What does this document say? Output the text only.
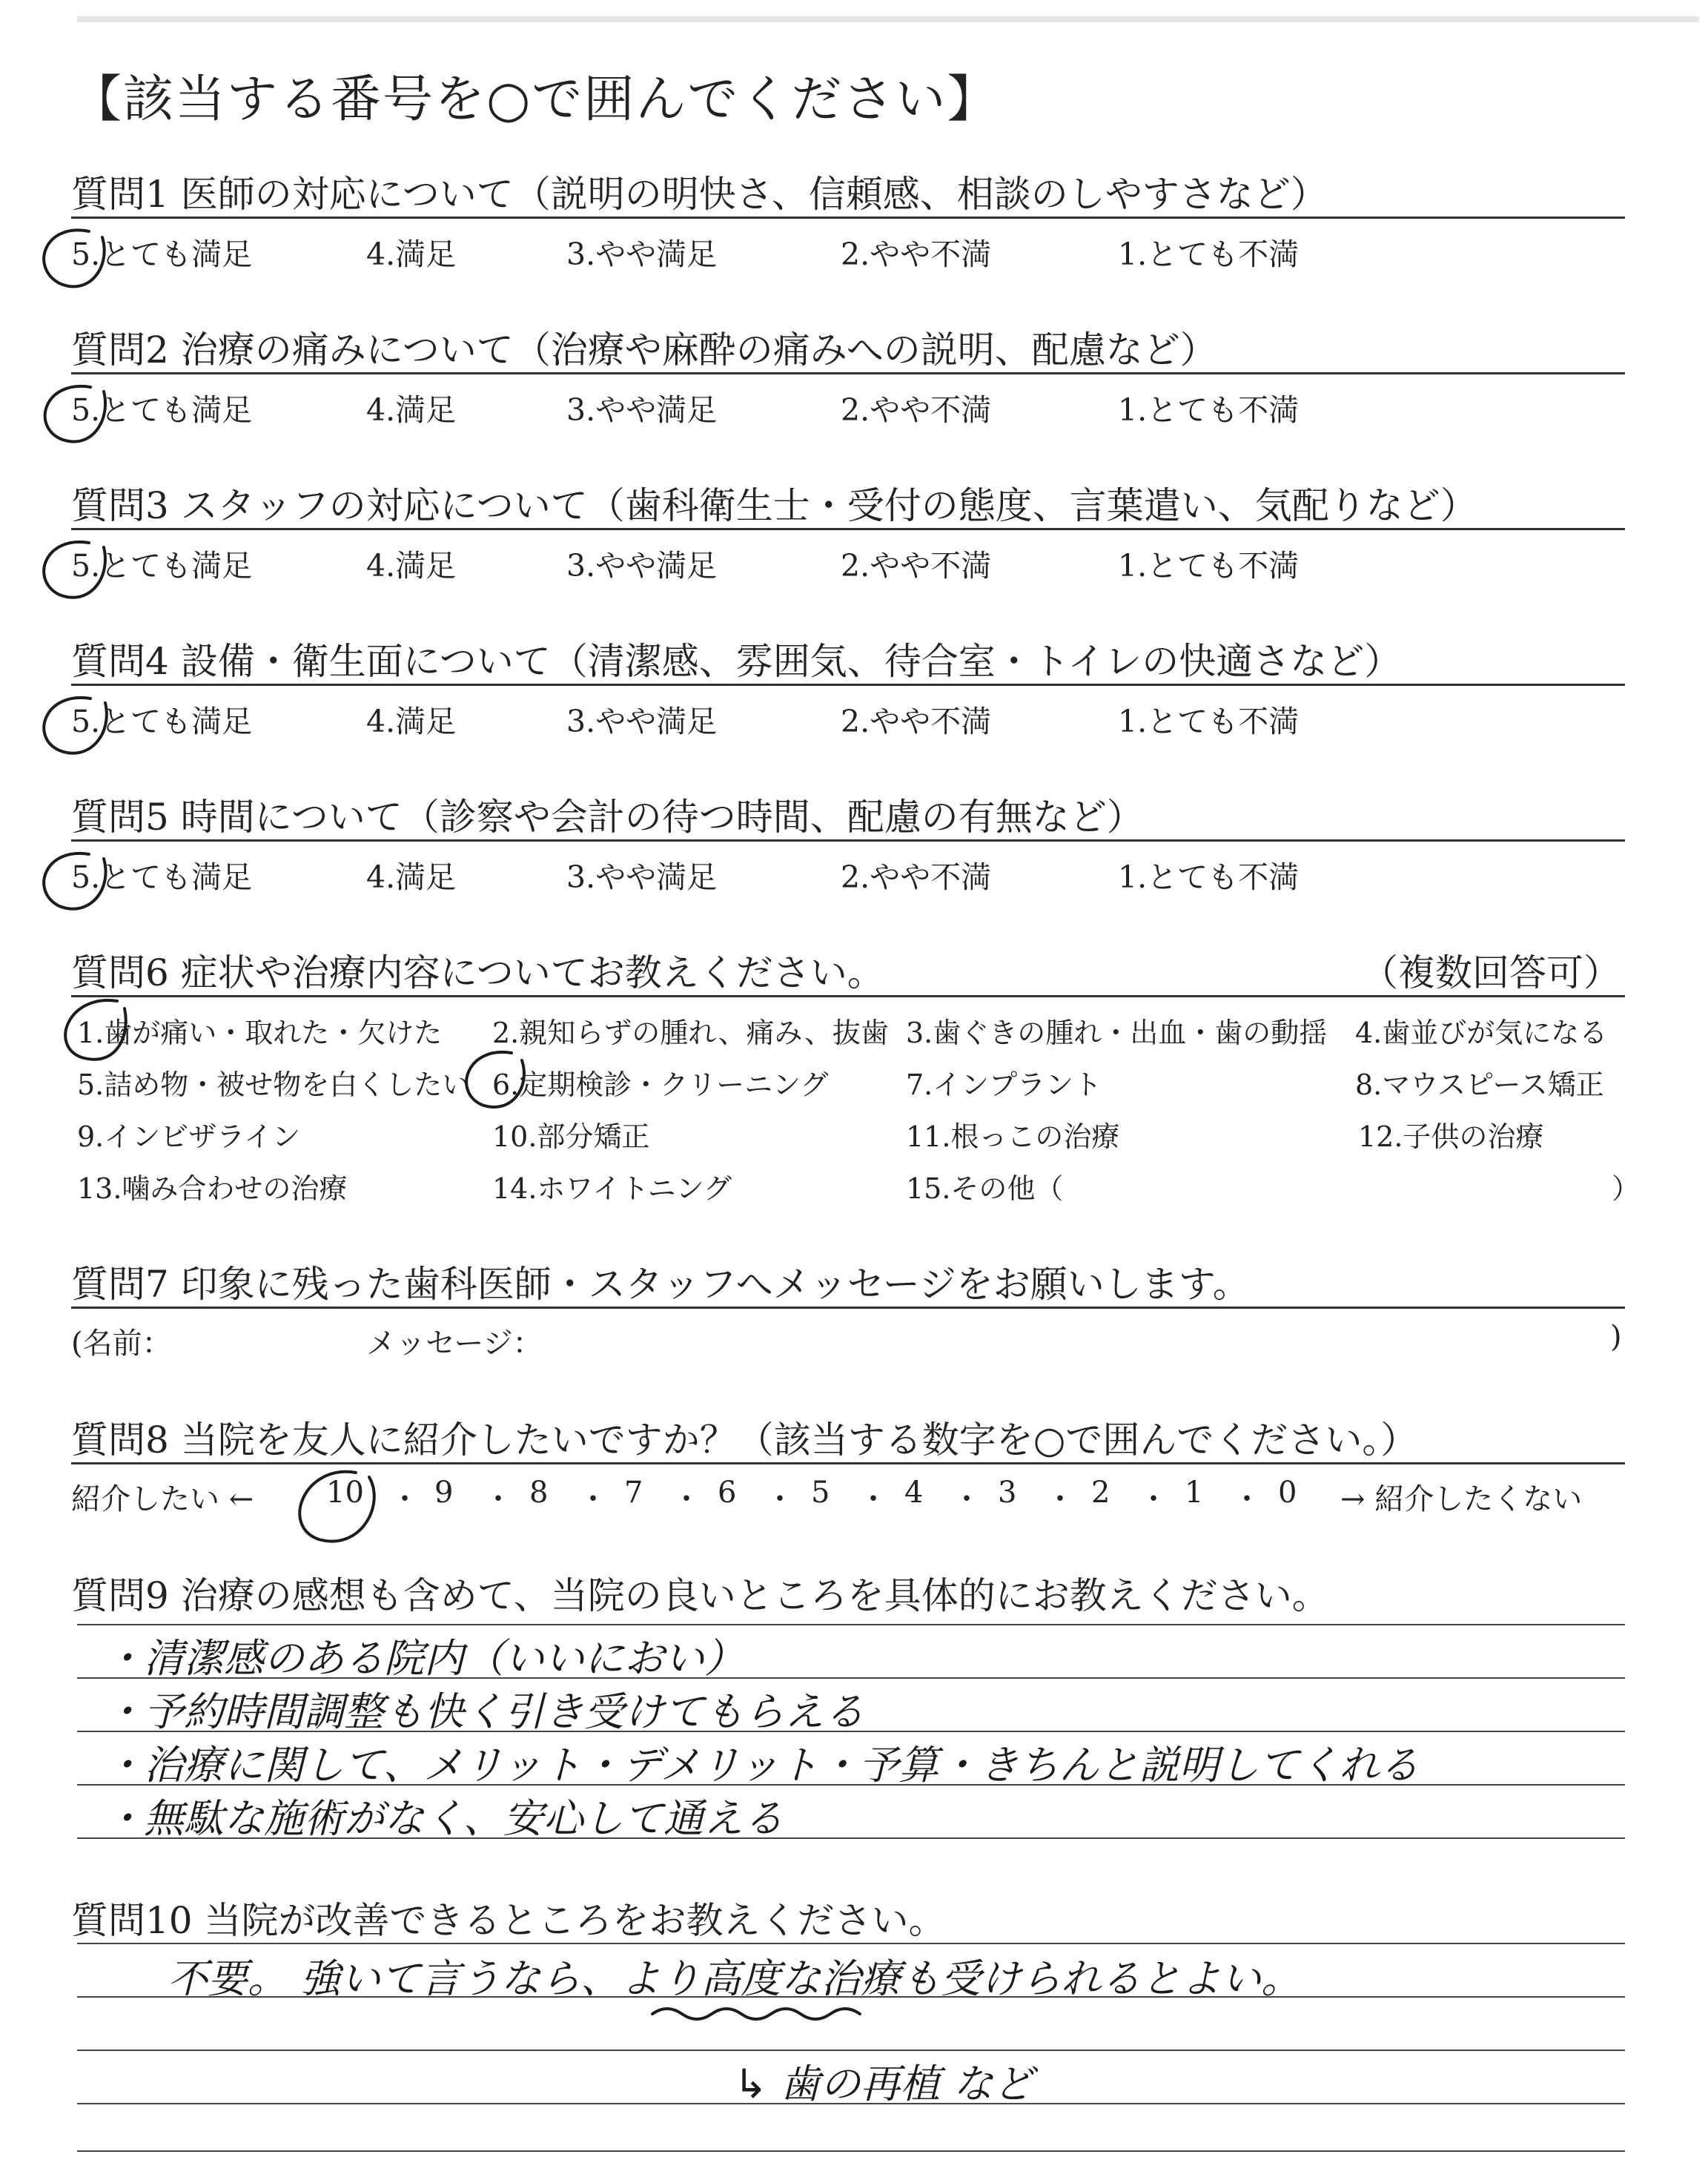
【該当する番号を○で囲んでください】
質問1 医師の対応について（説明の明快さ、信頼感、相談のしやすさなど）
5.とても満足	4.満足	3.やや満足	2.やや不満	1.とても不満
質問2 治療の痛みについて（治療や麻酔の痛みへの説明、配慮など）
5.とても満足	4.満足	3.やや満足	2.やや不満	1.とても不満
質問3 スタッフの対応について（歯科衛生士・受付の態度、言葉遣い、気配りなど）
5.とても満足	4.満足	3.やや満足	2.やや不満	1.とても不満
質問4 設備・衛生面について（清潔感、雰囲気、待合室・トイレの快適さなど）
5.とても満足	4.満足	3.やや満足	2.やや不満	1.とても不満
質問5 時間について（診察や会計の待つ時間、配慮の有無など）
5.とても満足	4.満足	3.やや満足	2.やや不満	1.とても不満
質問6 症状や治療内容についてお教えください。	（複数回答可）
1.歯が痛い・取れた・欠けた 2.親知らずの腫れ、痛み、抜歯 3.歯ぐきの腫れ・出血・歯の動揺 4.歯並びが気になる
5.詰め物・被せ物を白くしたい 6.定期検診・クリーニング	7.インプラント	8.マウスピース矯正
9.インビザライン	10.部分矯正	11.根っこの治療	12.子供の治療
13.噛み合わせの治療	14.ホワイトニング	15.その他（	）
質問7 印象に残った歯科医師・スタッフへメッセージをお願いします。
(名前：	メッセージ：	)
質問8 当院を友人に紹介したいですか？（該当する数字を○で囲んでください。）
紹介したい ← 10 ・ 9 ・ 8 ・ 7 ・ 6 ・ 5 ・ 4 ・ 3 ・ 2 ・ 1 ・ 0 → 紹介したくない
質問9 治療の感想も含めて、当院の良いところを具体的にお教えください。
・清潔感のある院内（いいにおい）
・予約時間調整も快く引き受けてもらえる
・治療に関して、メリット・デメリット・予算・きちんと説明してくれる
・無駄な施術がなく、安心して通える
質問10 当院が改善できるところをお教えください。
不要。 強いて言うなら、より高度な治療も受けられるとよい。
↳ 歯の再植 など
